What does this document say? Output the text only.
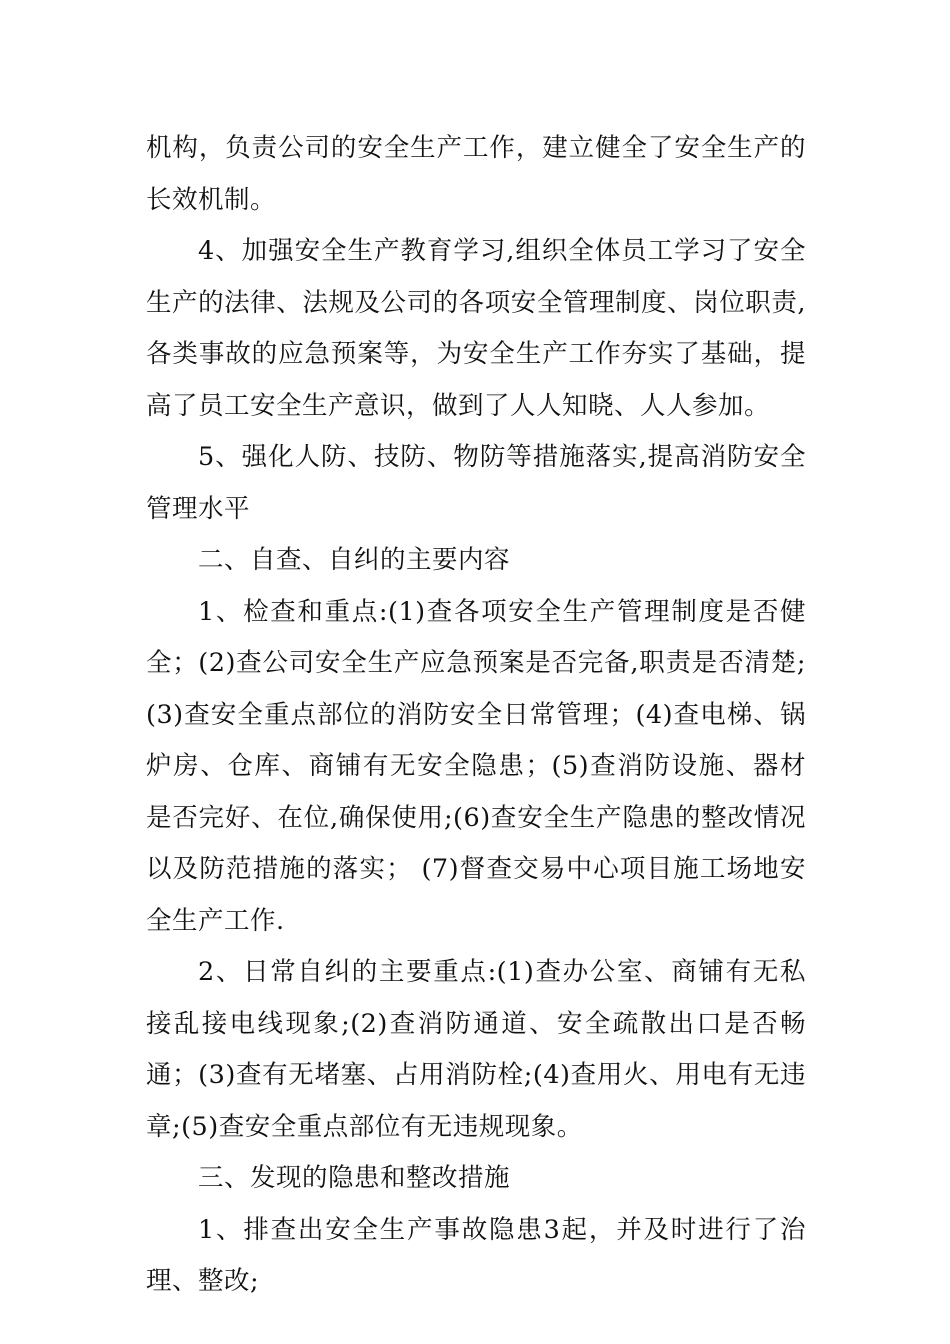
机构，负责公司的安全生产工作，建立健全了安全生产的长效机制。

4、加强安全生产教育学习,组织全体员工学习了安全生产的法律、法规及公司的各项安全管理制度、岗位职责,各类事故的应急预案等，为安全生产工作夯实了基础，提高了员工安全生产意识，做到了人人知晓、人人参加。

5、强化人防、技防、物防等措施落实,提高消防安全管理水平

二、自查、自纠的主要内容

1、检查和重点:(1)查各项安全生产管理制度是否健全；(2)查公司安全生产应急预案是否完备,职责是否清楚;(3)查安全重点部位的消防安全日常管理；(4)查电梯、锅炉房、仓库、商铺有无安全隐患；(5)查消防设施、器材是否完好、在位,确保使用;(6)查安全生产隐患的整改情况以及防范措施的落实； (7)督查交易中心项目施工场地安全生产工作.

2、日常自纠的主要重点:(1)查办公室、商铺有无私接乱接电线现象;(2)查消防通道、安全疏散出口是否畅通；(3)查有无堵塞、占用消防栓;(4)查用火、用电有无违章;(5)查安全重点部位有无违规现象。

三、发现的隐患和整改措施

1、排查出安全生产事故隐患3起，并及时进行了治理、整改;
